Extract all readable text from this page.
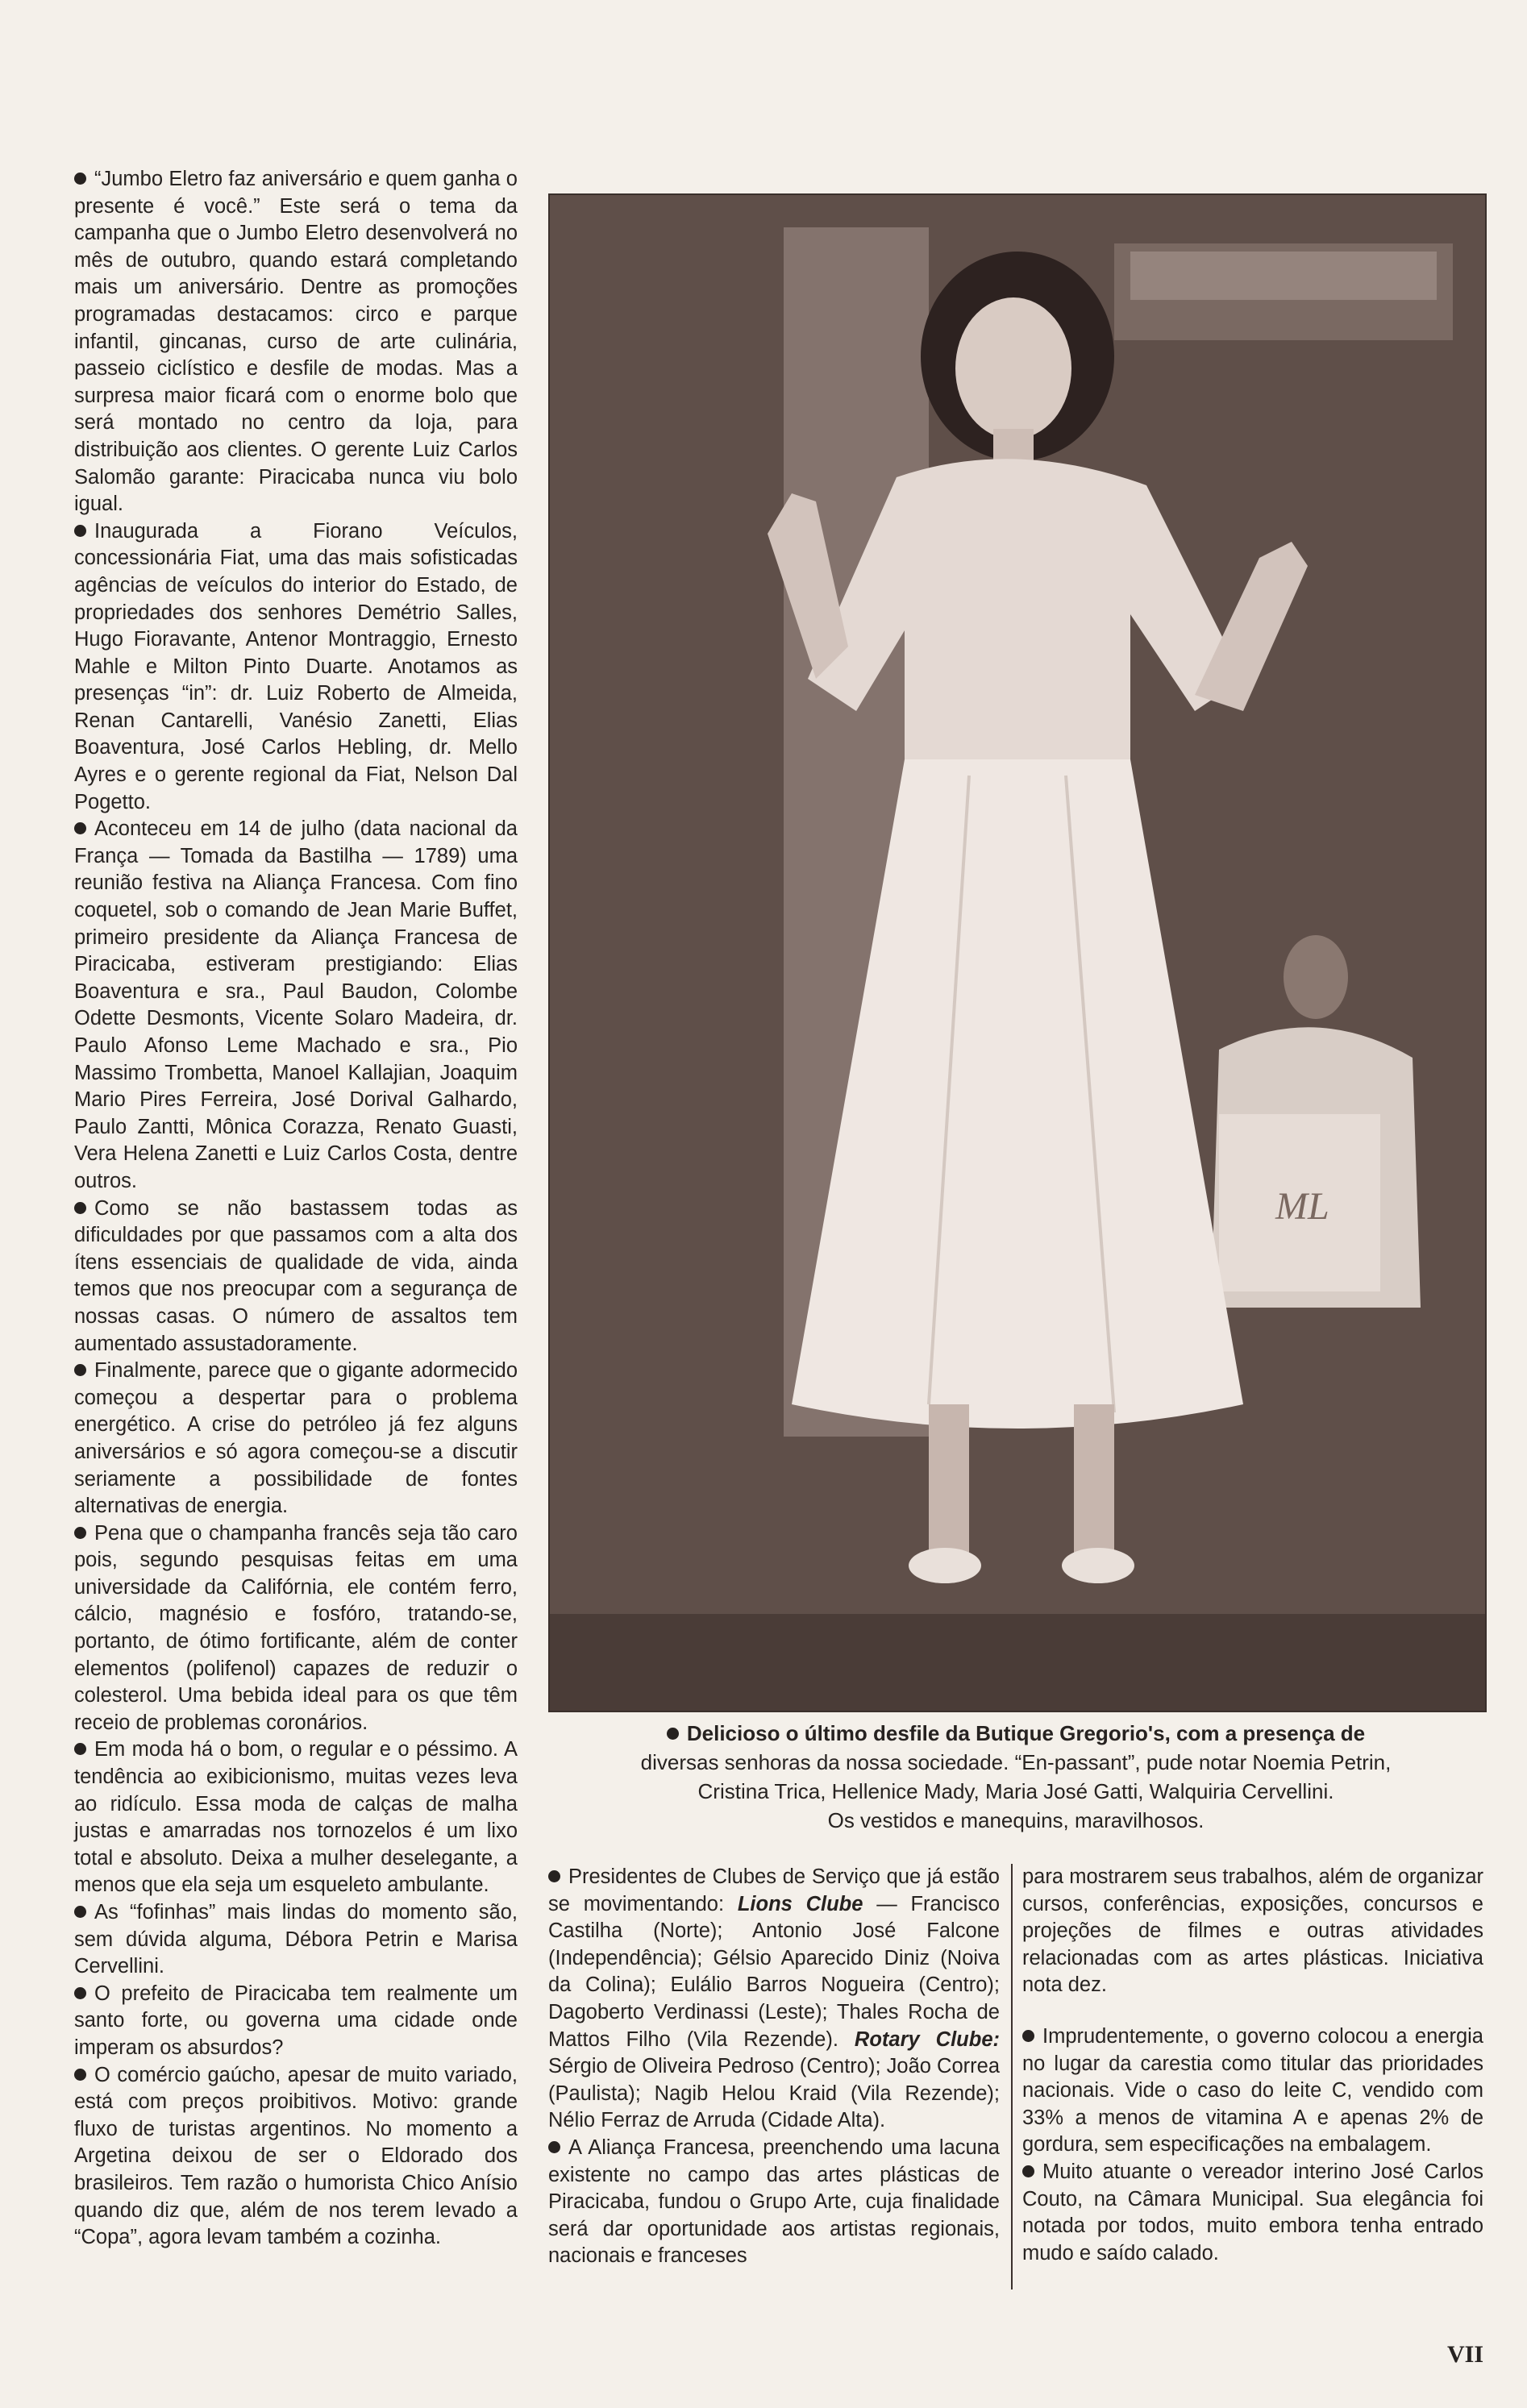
“Jumbo Eletro faz aniversário e quem ganha o presente é você.” Este será o tema da campanha que o Jumbo Eletro desenvolverá no mês de outubro, quando estará completando mais um aniversário. Dentre as promoções programadas destacamos: circo e parque infantil, gincanas, curso de arte culinária, passeio ciclístico e desfile de modas. Mas a surpresa maior ficará com o enorme bolo que será montado no centro da loja, para distribuição aos clientes. O gerente Luiz Carlos Salomão garante: Piracicaba nunca viu bolo igual.

Inaugurada a Fiorano Veículos, concessionária Fiat, uma das mais sofisticadas agências de veículos do interior do Estado, de propriedades dos senhores Demétrio Salles, Hugo Fioravante, Antenor Montraggio, Ernesto Mahle e Milton Pinto Duarte. Anotamos as presenças “in”: dr. Luiz Roberto de Almeida, Renan Cantarelli, Vanésio Zanetti, Elias Boaventura, José Carlos Hebling, dr. Mello Ayres e o gerente regional da Fiat, Nelson Dal Pogetto.

Aconteceu em 14 de julho (data nacional da França — Tomada da Bastilha — 1789) uma reunião festiva na Aliança Francesa. Com fino coquetel, sob o comando de Jean Marie Buffet, primeiro presidente da Aliança Francesa de Piracicaba, estiveram prestigiando: Elias Boaventura e sra., Paul Baudon, Colombe Odette Desmonts, Vicente Solaro Madeira, dr. Paulo Afonso Leme Machado e sra., Pio Massimo Trombetta, Manoel Kallajian, Joaquim Mario Pires Ferreira, José Dorival Galhardo, Paulo Zantti, Mônica Corazza, Renato Guasti, Vera Helena Zanetti e Luiz Carlos Costa, dentre outros.

Como se não bastassem todas as dificuldades por que passamos com a alta dos ítens essenciais de qualidade de vida, ainda temos que nos preocupar com a segurança de nossas casas. O número de assaltos tem aumentado assustadoramente.

Finalmente, parece que o gigante adormecido começou a despertar para o problema energético. A crise do petróleo já fez alguns aniversários e só agora começou-se a discutir seriamente a possibilidade de fontes alternativas de energia.

Pena que o champanha francês seja tão caro pois, segundo pesquisas feitas em uma universidade da Califórnia, ele contém ferro, cálcio, magnésio e fosfóro, tratando-se, portanto, de ótimo fortificante, além de conter elementos (polifenol) capazes de reduzir o colesterol. Uma bebida ideal para os que têm receio de problemas coronários.

Em moda há o bom, o regular e o péssimo. A tendência ao exibicionismo, muitas vezes leva ao ridículo. Essa moda de calças de malha justas e amarradas nos tornozelos é um lixo total e absoluto. Deixa a mulher deselegante, a menos que ela seja um esqueleto ambulante.

As “fofinhas” mais lindas do momento são, sem dúvida alguma, Débora Petrin e Marisa Cervellini.

O prefeito de Piracicaba tem realmente um santo forte, ou governa uma cidade onde imperam os absurdos?

O comércio gaúcho, apesar de muito variado, está com preços proibitivos. Motivo: grande fluxo de turistas argentinos. No momento a Argetina deixou de ser o Eldorado dos brasileiros. Tem razão o humorista Chico Anísio quando diz que, além de nos terem levado a “Copa”, agora levam também a cozinha.

ML
Delicioso o último desfile da Butique Gregorio's, com a presença de
diversas senhoras da nossa sociedade. “En-passant”, pude notar Noemia Petrin,
Cristina Trica, Hellenice Mady, Maria José Gatti, Walquiria Cervellini.
Os vestidos e manequins, maravilhosos.

Presidentes de Clubes de Serviço que já estão se movimentando: Lions Clube — Francisco Castilha (Norte); Antonio José Falcone (Independência); Gélsio Aparecido Diniz (Noiva da Colina); Eulálio Barros Nogueira (Centro); Dagoberto Verdinassi (Leste); Thales Rocha de Mattos Filho (Vila Rezende). Rotary Clube: Sérgio de Oliveira Pedroso (Centro); João Correa (Paulista); Nagib Helou Kraid (Vila Rezende); Nélio Ferraz de Arruda (Cidade Alta).

A Aliança Francesa, preenchendo uma lacuna existente no campo das artes plásticas de Piracicaba, fundou o Grupo Arte, cuja finalidade será dar oportunidade aos artistas regionais, nacionais e franceses

para mostrarem seus trabalhos, além de organizar cursos, conferências, exposições, concursos e projeções de filmes e outras atividades relacionadas com as artes plásticas. Iniciativa nota dez.

Imprudentemente, o governo colocou a energia no lugar da carestia como titular das prioridades nacionais. Vide o caso do leite C, vendido com 33% a menos de vitamina A e apenas 2% de gordura, sem especificações na embalagem.

Muito atuante o vereador interino José Carlos Couto, na Câmara Municipal. Sua elegância foi notada por todos, muito embora tenha entrado mudo e saído calado.

VII
